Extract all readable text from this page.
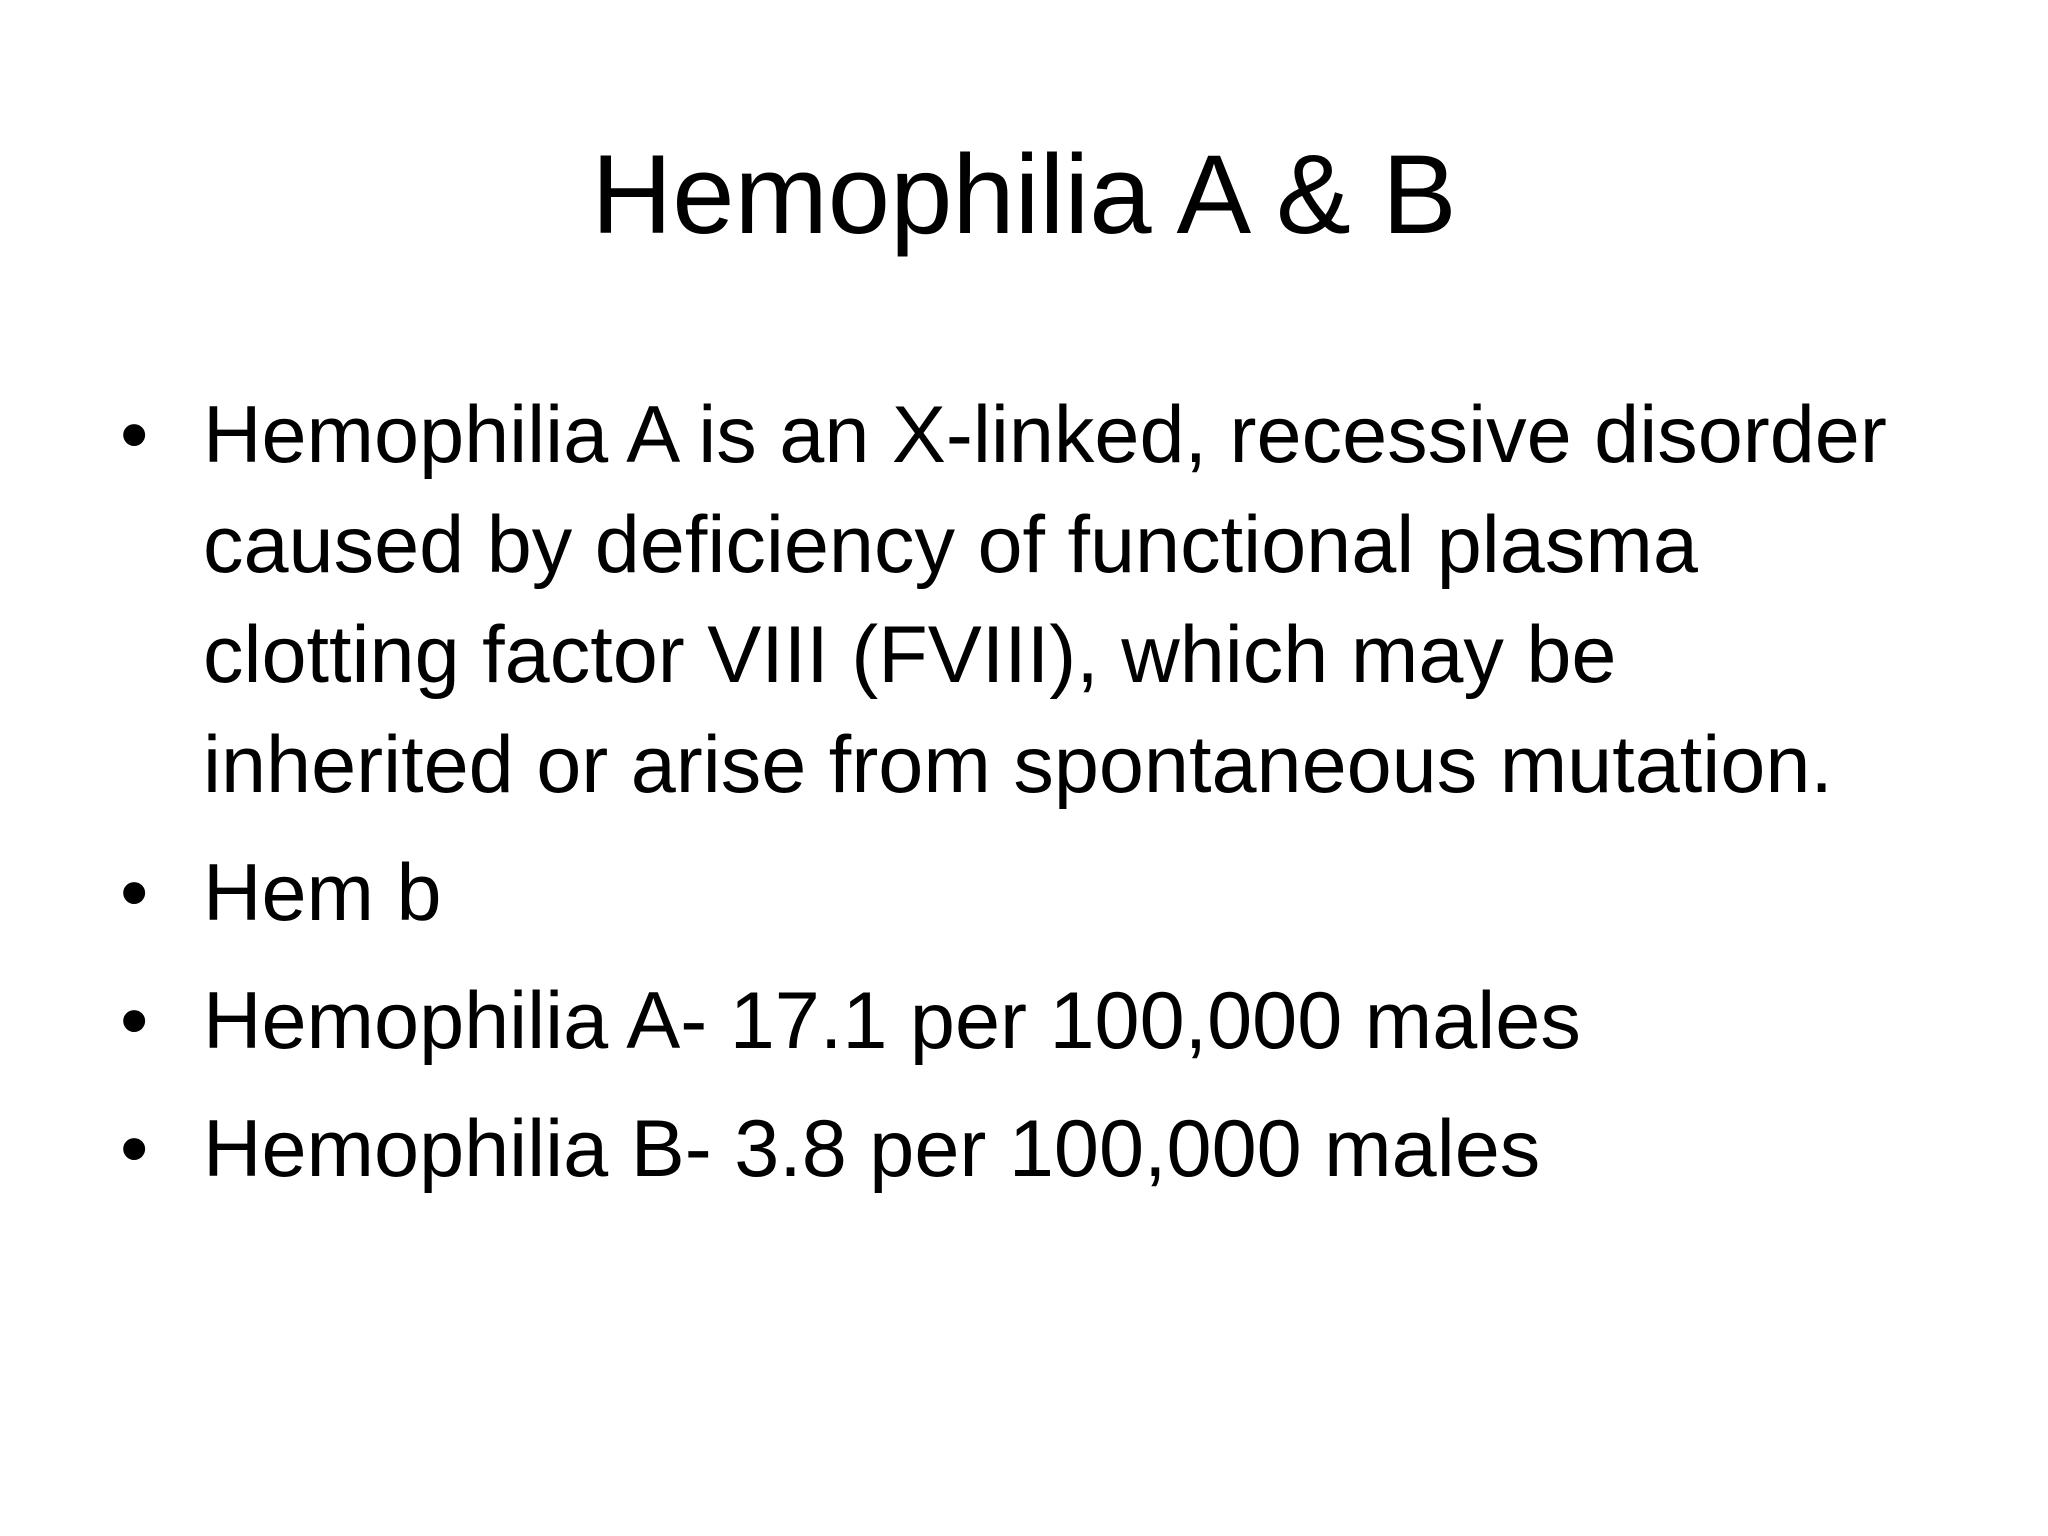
Hemophilia A & B
• Hemophilia A is an X-linked, recessive disorder caused by deficiency of functional plasma clotting factor VIII (FVIII), which may be inherited or arise from spontaneous mutation.
• Hem b
• Hemophilia A- 17.1 per 100,000 males
• Hemophilia B- 3.8 per 100,000 males
